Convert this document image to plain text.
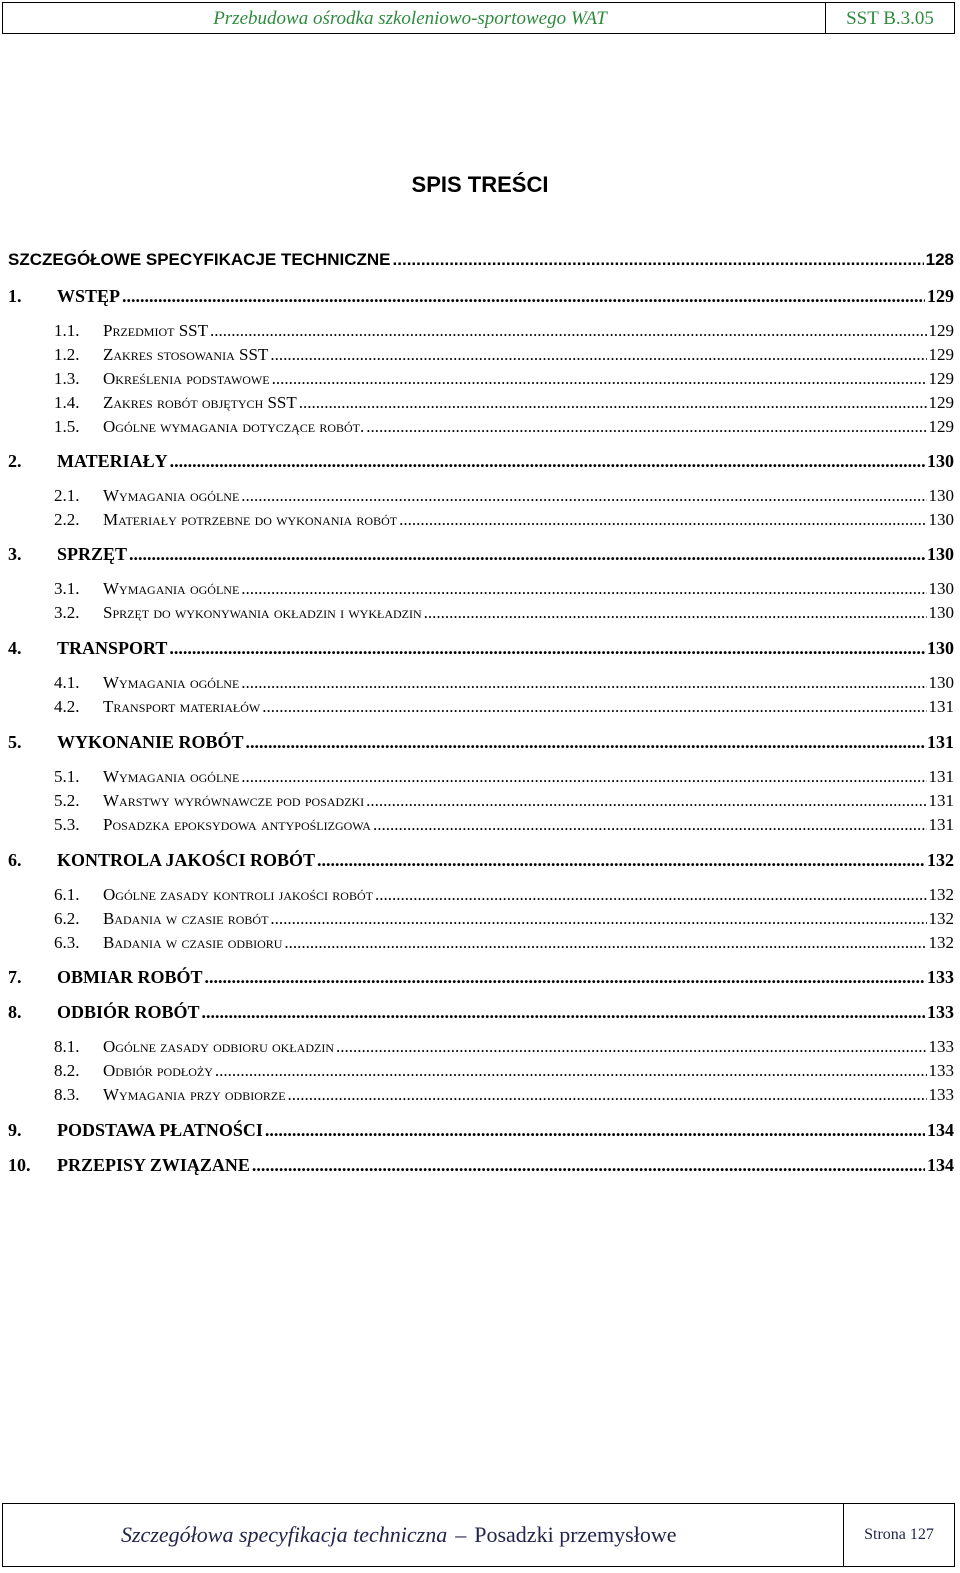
Przebudowa ośrodka szkoleniowo-sportowego WAT	SST B.3.05
SPIS TREŚCI
SZCZEGÓŁOWE SPECYFIKACJE TECHNICZNE .....	128
1.	WSTĘP .....	129
1.1.	Przedmiot SST .....	129
1.2.	Zakres stosowania SST .....	129
1.3.	Określenia podstawowe .....	129
1.4.	Zakres robót objętych SST .....	129
1.5.	Ogólne wymagania dotyczące robót. .....	129
2.	MATERIAŁY .....	130
2.1.	Wymagania ogólne .....	130
2.2.	Materiały potrzebne do wykonania robót .....	130
3.	SPRZĘT .....	130
3.1.	Wymagania ogólne .....	130
3.2.	Sprzęt do wykonywania okładzin i wykładzin .....	130
4.	TRANSPORT .....	130
4.1.	Wymagania ogólne .....	130
4.2.	Transport materiałów .....	131
5.	WYKONANIE ROBÓT .....	131
5.1.	Wymagania ogólne .....	131
5.2.	Warstwy wyrównawcze pod posadzki .....	131
5.3.	Posadzka epoksydowa antypoślizgowa .....	131
6.	KONTROLA JAKOŚCI ROBÓT .....	132
6.1.	Ogólne zasady kontroli jakości robót .....	132
6.2.	Badania w czasie robót .....	132
6.3.	Badania w czasie odbioru .....	132
7.	OBMIAR ROBÓT .....	133
8.	ODBIÓR ROBÓT .....	133
8.1.	Ogólne zasady odbioru okładzin .....	133
8.2.	Odbiór podłoży .....	133
8.3.	Wymagania przy odbiorze .....	133
9.	PODSTAWA PŁATNOŚCI .....	134
10.	PRZEPISY ZWIĄZANE .....	134
Szczegółowa specyfikacja techniczna – Posadzki przemysłowe	Strona 127
